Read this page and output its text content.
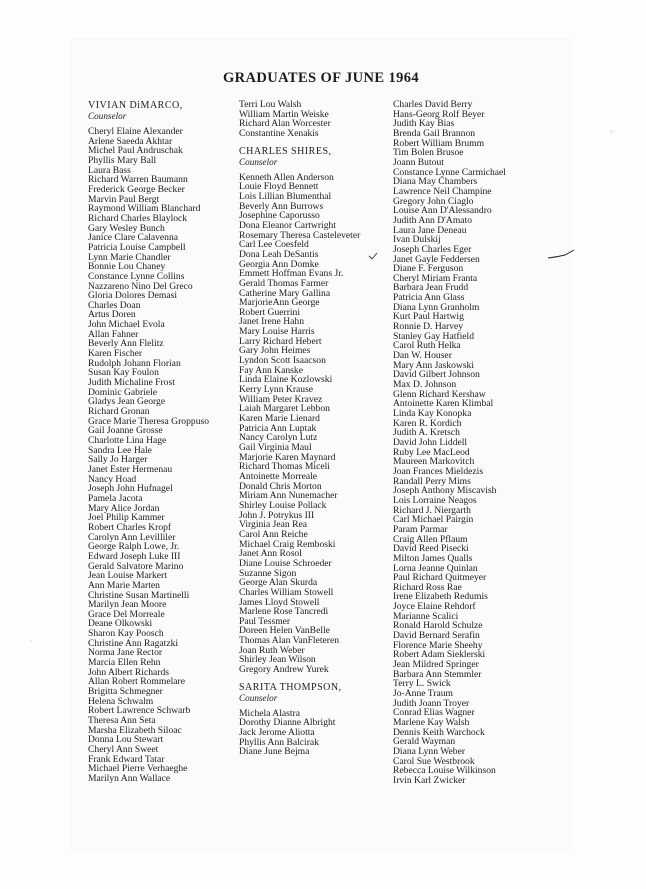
GRADUATES OF JUNE 1964
VIVIAN DiMARCO,
Counselor
Cheryl Elaine Alexander
Arlene Saeeda Akhtar
Michel Paul Andruschak
Phyllis Mary Ball
Laura Bass
Richard Warren Baumann
Frederick George Becker
Marvin Paul Bergt
Raymond William Blanchard
Richard Charles Blaylock
Gary Wesley Bunch
Janice Clare Calavenna
Patricia Louise Campbell
Lynn Marie Chandler
Bonnie Lou Chaney
Constance Lynne Collins
Nazzareno Nino Del Greco
Gloria Dolores Demasi
Charles Doan
Artus Doren
John Michael Evola
Allan Fahner
Beverly Ann Flelitz
Karen Fischer
Rudolph Johann Florian
Susan Kay Foulon
Judith Michaline Frost
Dominic Gabriele
Gladys Jean George
Richard Gronan
Grace Marie Theresa Groppuso
Gail Joanne Grosse
Charlotte Lina Hage
Sandra Lee Hale
Sally Jo Harger
Janet Ester Hermenau
Nancy Hoad
Joseph John Hufnagel
Pamela Jacota
Mary Alice Jordan
Joel Philip Kammer
Robert Charles Kropf
Carolyn Ann Levilliler
George Ralph Lowe, Jr.
Edward Joseph Luke III
Gerald Salvatore Marino
Jean Louise Markert
Ann Marie Marten
Christine Susan Martinelli
Marilyn Jean Moore
Grace Del Morreale
Deane Olkowski
Sharon Kay Poosch
Christine Ann Ragatzki
Norma Jane Rector
Marcia Ellen Rehn
John Albert Richards
Allan Robert Rommelare
Brigitta Schmegner
Helena Schwalm
Robert Lawrence Schwarb
Theresa Ann Seta
Marsha Elizabeth Siloac
Donna Lou Stewart
Cheryl Ann Sweet
Frank Edward Tatar
Michael Pierre Verhaeghe
Marilyn Ann Wallace
Terri Lou Walsh
William Martin Weiske
Richard Alan Worcester
Constantine Xenakis
CHARLES SHIRES,
Counselor
Kenneth Allen Anderson
Louie Floyd Bennett
Lois Lillian Blumenthal
Beverly Ann Burrows
Josephine Caporusso
Dona Eleanor Cartwright
Rosemary Theresa Casteleveter
Carl Lee Coesfeld
Dona Leah DeSantis
Georgia Ann Domke
Emmett Hoffman Evans Jr.
Gerald Thomas Farmer
Catherine Mary Gallina
MarjorieAnn George
Robert Guerrini
Janet Irene Hahn
Mary Louise Harris
Larry Richard Hebert
Gary John Heimes
Lyndon Scott Isaacson
Fay Ann Kanske
Linda Elaine Kozlowski
Kerry Lynn Krause
William Peter Kravez
Laiah Margaret Lebbon
Karen Marie Lienard
Patricia Ann Luptak
Nancy Carolyn Lutz
Gail Virginia Maul
Marjorie Karen Maynard
Richard Thomas Miceli
Antoinette Morreale
Donald Chris Morton
Miriam Ann Nunemacher
Shirley Louise Pollack
John J. Potrykus III
Virginia Jean Rea
Carol Ann Reiche
Michael Craig Remboski
Janet Ann Rosol
Diane Louise Schroeder
Suzanne Sigon
George Alan Skurda
Charles William Stowell
James Lloyd Stowell
Marlene Rose Tancredi
Paul Tessmer
Doreen Helen VanBelle
Thomas Alan VanFleteren
Joan Ruth Weber
Shirley Jean Wilson
Gregory Andrew Yurek
SARITA THOMPSON,
Counselor
Michela Alastra
Dorothy Dianne Albright
Jack Jerome Aliotta
Phyllis Ann Balcirak
Diane June Bejma
Charles David Berry
Hans-Georg Rolf Beyer
Judith Kay Bias
Brenda Gail Brannon
Robert William Brumm
Tim Bolen Brusoe
Joann Butout
Constance Lynne Carmichael
Diana May Chambers
Lawrence Neil Champine
Gregory John Ciaglo
Louise Ann D'Alessandro
Judith Ann D'Amato
Laura Jane Deneau
Ivan Dulskij
Joseph Charles Eger
Janet Gayle Feddersen
Diane F. Ferguson
Cheryl Miriam Franta
Barbara Jean Frudd
Patricia Ann Glass
Diana Lynn Granholm
Kurt Paul Hartwig
Ronnie D. Harvey
Stanley Gay Hatfield
Carol Ruth Helka
Dan W. Houser
Mary Ann Jaskowski
David Gilbert Johnson
Max D. Johnson
Glenn Richard Kershaw
Antoinette Karen Klimbal
Linda Kay Konopka
Karen R. Kordich
Judith A. Kretsch
David John Liddell
Ruby Lee MacLeod
Maureen Markovitch
Joan Frances Mieldezis
Randall Perry Mims
Joseph Anthony Miscavish
Lois Lorraine Neagos
Richard J. Niergarth
Carl Michael Pairgin
Param Parmar
Craig Allen Pflaum
David Reed Pisecki
Milton James Qualls
Lorna Jeanne Quinlan
Paul Richard Quitmeyer
Richard Ross Rae
Irene Elizabeth Redumis
Joyce Elaine Rehdorf
Marianne Scalici
Ronald Harold Schulze
David Bernard Serafin
Florence Marie Sheehy
Robert Adam Sieklerski
Jean Mildred Springer
Barbara Ann Stemmler
Terry L. Swick
Jo-Anne Traum
Judith Joann Troyer
Conrad Elias Wagner
Marlene Kay Walsh
Dennis Keith Warchock
Gerald Wayman
Diana Lynn Weber
Carol Sue Westbrook
Rebecca Louise Wilkinson
Irvin Karl Zwicker
